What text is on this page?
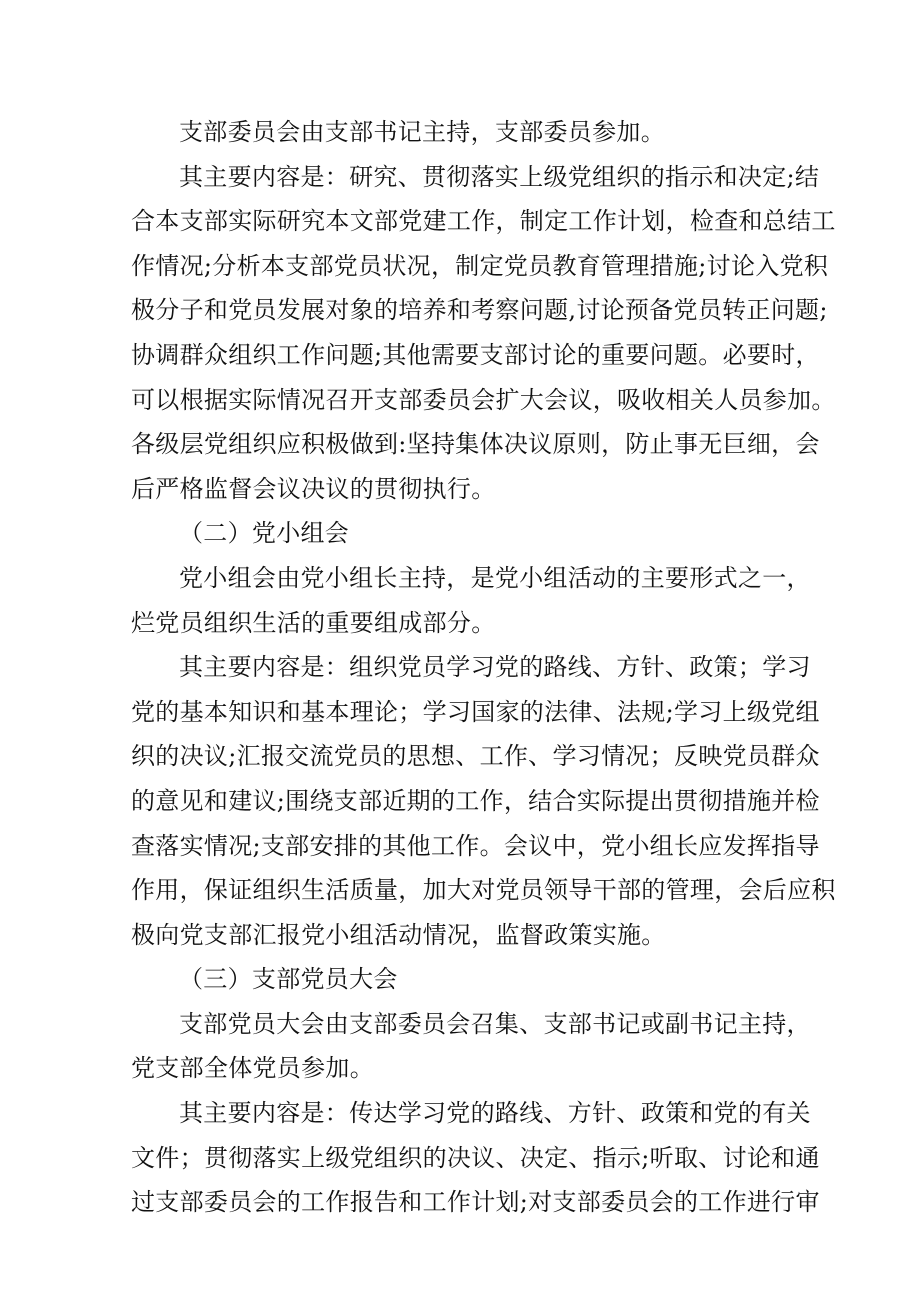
支部委员会由支部书记主持，支部委员参加。
其主要内容是：研究、贯彻落实上级党组织的指示和决定;结
合本支部实际研究本文部党建工作，制定工作计划，检查和总结工
作情况;分析本支部党员状况，制定党员教育管理措施;讨论入党积
极分子和党员发展对象的培养和考察问题,讨论预备党员转正问题;
协调群众组织工作问题;其他需要支部讨论的重要问题。必要时，
可以根据实际情况召开支部委员会扩大会议，吸收相关人员参加。
各级层党组织应积极做到:坚持集体决议原则，防止事无巨细，会
后严格监督会议决议的贯彻执行。
（二）党小组会
党小组会由党小组长主持，是党小组活动的主要形式之一，
烂党员组织生活的重要组成部分。
其主要内容是：组织党员学习党的路线、方针、政策；学习
党的基本知识和基本理论；学习国家的法律、法规;学习上级党组
织的决议;汇报交流党员的思想、工作、学习情况；反映党员群众
的意见和建议;围绕支部近期的工作，结合实际提出贯彻措施并检
查落实情况;支部安排的其他工作。会议中，党小组长应发挥指导
作用，保证组织生活质量，加大对党员领导干部的管理，会后应积
极向党支部汇报党小组活动情况，监督政策实施。
（三）支部党员大会
支部党员大会由支部委员会召集、支部书记或副书记主持，
党支部全体党员参加。
其主要内容是：传达学习党的路线、方针、政策和党的有关
文件；贯彻落实上级党组织的决议、决定、指示;听取、讨论和通
过支部委员会的工作报告和工作计划;对支部委员会的工作进行审
